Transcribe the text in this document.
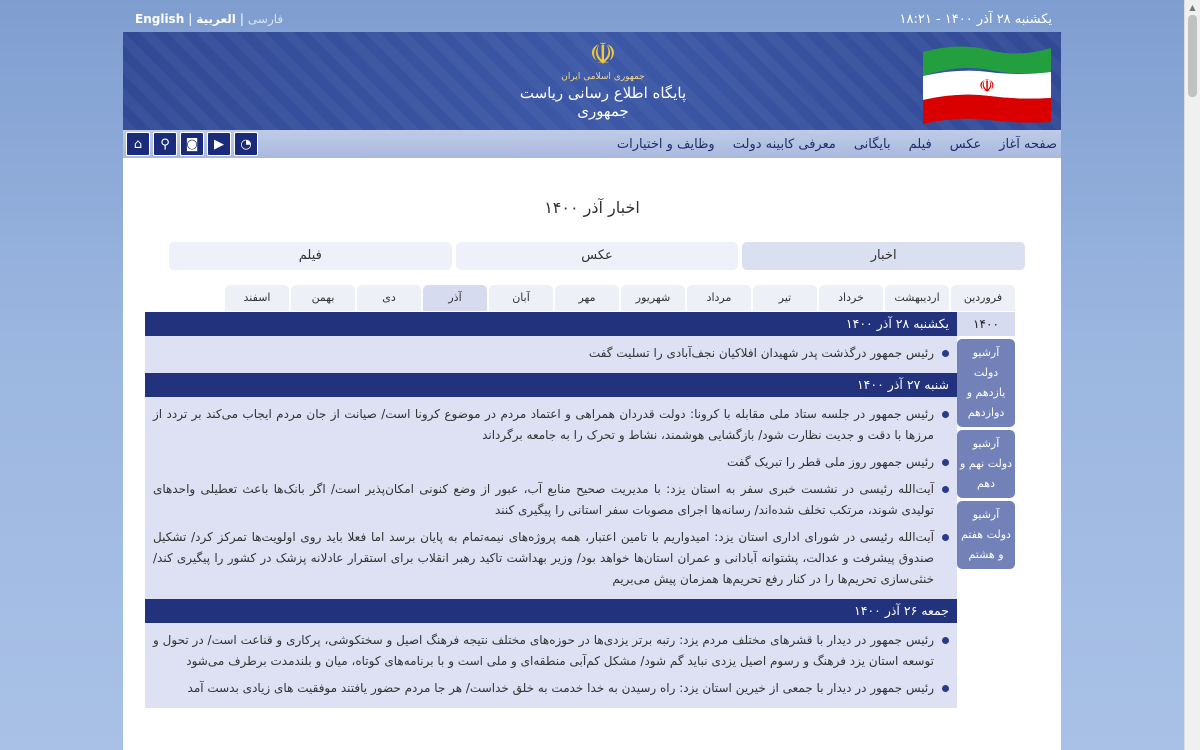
English | العربية | فارسی	یکشنبه ۲۸ آذر ۱۴۰۰ - ۱۸:۲۱
☫
جمهوری اسلامی ایران
پایگاه اطلاع رسانی ریاست جمهوری
☫
⌂	⚲	◙	▶	◔	صفحه آغاز
عکس
فیلم
بایگانی
معرفی کابینه دولت
وظایف و اختیارات
اخبار آذر ۱۴۰۰
اخبار
عکس
فیلم
فروردین
اردیبهشت
خرداد
تیر
مرداد
شهریور
مهر
آبان
آذر
دی
بهمن
اسفند
۱۴۰۰
آرشیو دولت یازدهم و دوازدهم
آرشیو دولت نهم و دهم
آرشیو دولت هفتم و هشتم
یکشنبه ۲۸ آذر ۱۴۰۰
رئیس جمهور درگذشت پدر شهیدان افلاکیان نجف‌آبادی را تسلیت گفت
شنبه ۲۷ آذر ۱۴۰۰
رئیس جمهور در جلسه ستاد ملی مقابله با کرونا: دولت قدردان همراهی و اعتماد مردم در موضوع کرونا است/ صیانت از جان مردم ایجاب می‌کند بر تردد از مرزها با دقت و جدیت نظارت شود/ بازگشایی هوشمند، نشاط و تحرک را به جامعه برگرداند
رئیس جمهور روز ملی قطر را تبریک گفت
آیت‌الله رئیسی در نشست خبری سفر به استان یزد: با مدیریت صحیح منابع آب، عبور از وضع کنونی امکان‌پذیر است/ اگر بانک‌ها باعث تعطیلی واحدهای تولیدی شوند، مرتکب تخلف شده‌اند/ رسانه‌ها اجرای مصوبات سفر استانی را پیگیری کنند
آیت‌الله رئیسی در شورای اداری استان یزد: امیدواریم با تامین اعتبار، همه پروژه‌های نیمه‌تمام به پایان برسد اما فعلا باید روی اولویت‌ها تمرکز کرد/ تشکیل صندوق پیشرفت و عدالت، پشتوانه آبادانی و عمران استان‌ها خواهد بود/ وزیر بهداشت تاکید رهبر انقلاب برای استقرار عادلانه پزشک در کشور را پیگیری کند/ خنثی‌سازی تحریم‌ها را در کنار رفع تحریم‌ها همزمان پیش می‌بریم
جمعه ۲۶ آذر ۱۴۰۰
رئیس جمهور در دیدار با قشرهای مختلف مردم یزد: رتبه برتر یزدی‌ها در حوزه‌های مختلف نتیجه فرهنگ اصیل و سختکوشی، پرکاری و قناعت است/ در تحول و توسعه استان یزد فرهنگ و رسوم اصیل یزدی نباید گم شود/ مشکل کم‌آبی منطقه‌ای و ملی است و با برنامه‌های کوتاه، میان و بلندمدت برطرف می‌شود
رئیس جمهور در دیدار با جمعی از خیرین استان یزد: راه رسیدن به خدا خدمت به خلق خداست/ هر جا مردم حضور یافتند موفقیت های زیادی بدست آمد
▲
